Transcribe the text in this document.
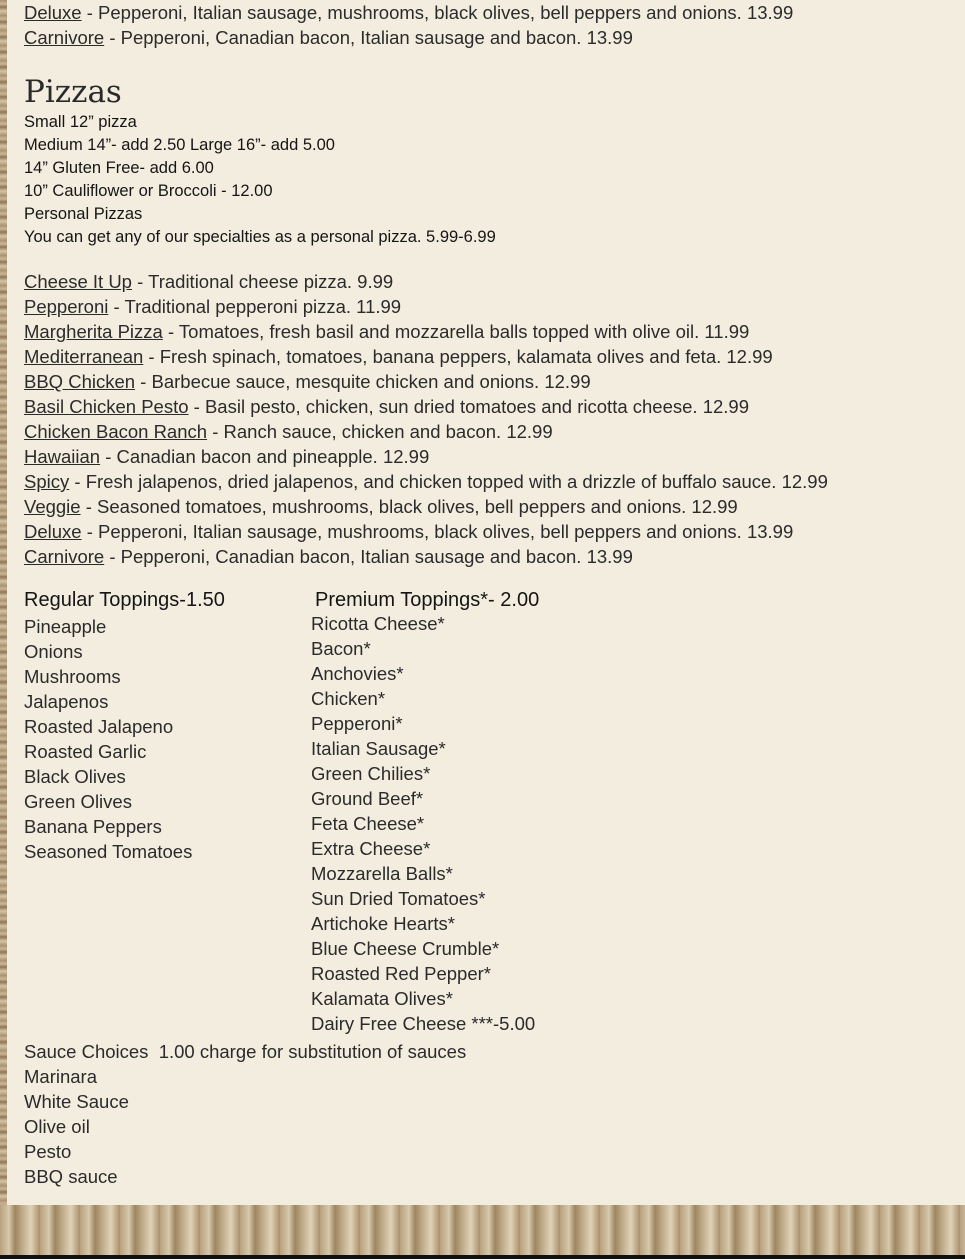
Deluxe - Pepperoni, Italian sausage, mushrooms, black olives, bell peppers and onions. 13.99
Carnivore - Pepperoni, Canadian bacon, Italian sausage and bacon. 13.99
Pizzas
Small 12” pizza
Medium 14”- add 2.50 Large 16”- add 5.00
14” Gluten Free- add 6.00
10” Cauliflower or Broccoli - 12.00
Personal Pizzas
You can get any of our specialties as a personal pizza. 5.99-6.99
Cheese It Up - Traditional cheese pizza. 9.99
Pepperoni - Traditional pepperoni pizza. 11.99
Margherita Pizza - Tomatoes, fresh basil and mozzarella balls topped with olive oil. 11.99
Mediterranean - Fresh spinach, tomatoes, banana peppers, kalamata olives and feta. 12.99
BBQ Chicken - Barbecue sauce, mesquite chicken and onions. 12.99
Basil Chicken Pesto - Basil pesto, chicken, sun dried tomatoes and ricotta cheese. 12.99
Chicken Bacon Ranch - Ranch sauce, chicken and bacon. 12.99
Hawaiian - Canadian bacon and pineapple. 12.99
Spicy - Fresh jalapenos, dried jalapenos, and chicken topped with a drizzle of buffalo sauce. 12.99
Veggie - Seasoned tomatoes, mushrooms, black olives, bell peppers and onions. 12.99
Deluxe - Pepperoni, Italian sausage, mushrooms, black olives, bell peppers and onions. 13.99
Carnivore - Pepperoni, Canadian bacon, Italian sausage and bacon. 13.99
Regular Toppings-1.50
Pineapple
Onions
Mushrooms
Jalapenos
Roasted Jalapeno
Roasted Garlic
Black Olives
Green Olives
Banana Peppers
Seasoned Tomatoes
Premium Toppings*- 2.00
Ricotta Cheese*
Bacon*
Anchovies*
Chicken*
Pepperoni*
Italian Sausage*
Green Chilies*
Ground Beef*
Feta Cheese*
Extra Cheese*
Mozzarella Balls*
Sun Dried Tomatoes*
Artichoke Hearts*
Blue Cheese Crumble*
Roasted Red Pepper*
Kalamata Olives*
Dairy Free Cheese ***-5.00
Sauce Choices  1.00 charge for substitution of sauces
Marinara
White Sauce
Olive oil
Pesto
BBQ sauce
